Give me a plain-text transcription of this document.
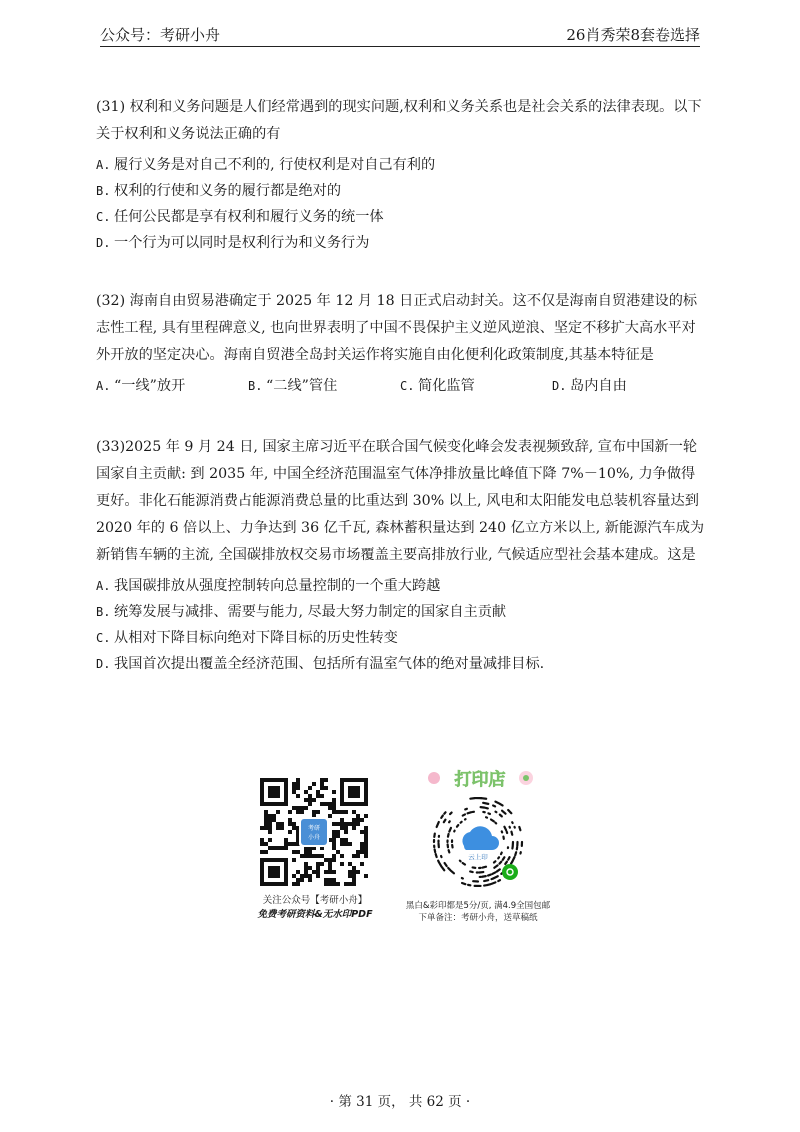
公众号：考研小舟	26肖秀荣8套卷选择

(31) 权利和义务问题是人们经常遇到的现实问题,权利和义务关系也是社会关系的法律表现。以下关于权利和义务说法正确的有

A. 履行义务是对自己不利的, 行使权利是对自己有利的
B. 权利的行使和义务的履行都是绝对的
C. 任何公民都是享有权利和履行义务的统一体
D. 一个行为可以同时是权利行为和义务行为

(32) 海南自由贸易港确定于 2025 年 12 月 18 日正式启动封关。这不仅是海南自贸港建设的标志性工程, 具有里程碑意义, 也向世界表明了中国不畏保护主义逆风逆浪、坚定不移扩大高水平对外开放的坚定决心。海南自贸港全岛封关运作将实施自由化便利化政策制度,其基本特征是

A. “一线”放开	B. “二线”管住	C. 简化监管	D. 岛内自由

(33)2025 年 9 月 24 日, 国家主席习近平在联合国气候变化峰会发表视频致辞, 宣布中国新一轮国家自主贡献: 到 2035 年, 中国全经济范围温室气体净排放量比峰值下降 7%－10%, 力争做得更好。非化石能源消费占能源消费总量的比重达到 30% 以上, 风电和太阳能发电总装机容量达到 2020 年的 6 倍以上、力争达到 36 亿千瓦, 森林蓄积量达到 240 亿立方米以上, 新能源汽车成为新销售车辆的主流, 全国碳排放权交易市场覆盖主要高排放行业, 气候适应型社会基本建成。这是

A. 我国碳排放从强度控制转向总量控制的一个重大跨越
B. 统筹发展与减排、需要与能力, 尽最大努力制定的国家自主贡献
C. 从相对下降目标向绝对下降目标的历史性转变
D. 我国首次提出覆盖全经济范围、包括所有温室气体的绝对量减排目标.
考研
小舟
关注公众号【考研小舟】
免费考研资料&无水印PDF
打印店
云上印
黑白&彩印都是5分/页, 满4.9全国包邮
下单备注：考研小舟，送草稿纸
· 第 31 页， 共 62 页 ·
